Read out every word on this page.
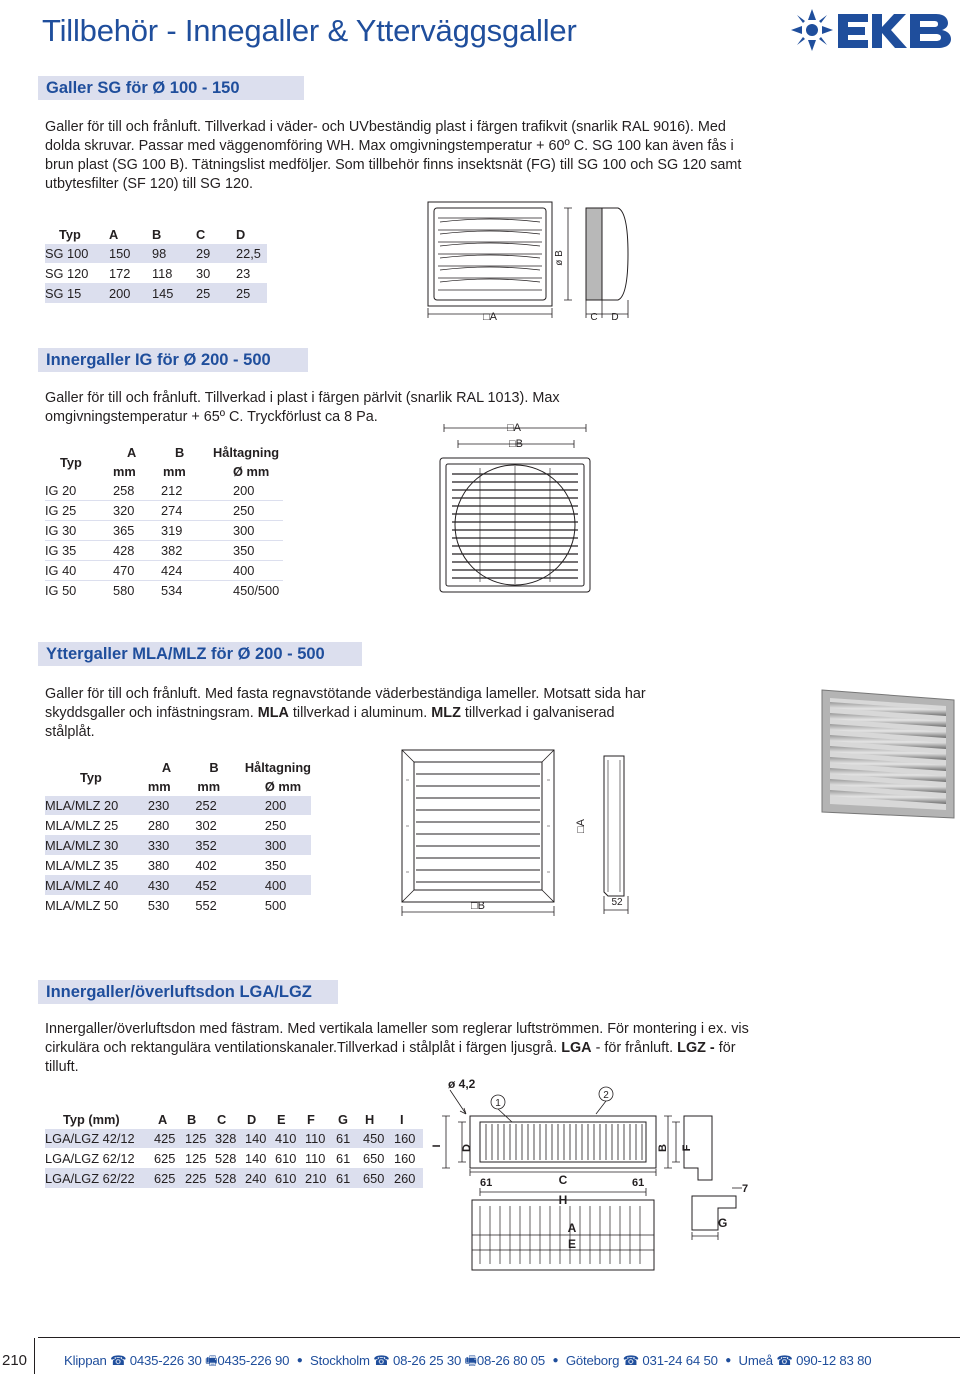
Tillbehör - Innegaller & Ytterväggsgaller
Galler SG för Ø 100 - 150
Galler för till och frånluft. Tillverkad i väder- och UVbeständig plast i färgen trafikvit (snarlik RAL 9016). Med dolda skruvar. Passar med väggenomföring WH. Max omgivningstemperatur + 60º C. SG 100 kan även fås i brun plast (SG 100 B). Tätningslist medföljer. Som tillbehör finns insektsnät (FG) till SG 100 och SG 120 samt utbytesfilter (SF 120) till SG 120.
Typ	A	B	C	D
SG 100	150	98	29	22,5
SG 120	172	118	30	23
SG 15	200	145	25	25
□A
ø B
C D
Innergaller IG för Ø 200 - 500
Galler för till och frånluft. Tillverkad i plast i färgen pärlvit (snarlik RAL 1013). Max omgivningstemperatur + 65º C. Tryckförlust ca 8 Pa.
Typ	A	B	Håltagning
	mm	mm	Ø mm
IG 20	258	212	200
IG 25	320	274	250
IG 30	365	319	300
IG 35	428	382	350
IG 40	470	424	400
IG 50	580	534	450/500
□A
□B
Yttergaller MLA/MLZ för Ø 200 - 500
Galler för till och frånluft. Med fasta regnavstötande väderbeständiga lameller. Motsatt sida har skyddsgaller och infästningsram. MLA tillverkad i aluminum. MLZ tillverkad i galvaniserad stålplåt.
Typ	A	B	Håltagning
	mm	mm	Ø mm
MLA/MLZ 20	230	252	200
MLA/MLZ 25	280	302	250
MLA/MLZ 30	330	352	300
MLA/MLZ 35	380	402	350
MLA/MLZ 40	430	452	400
MLA/MLZ 50	530	552	500	□B
□A
52
Innergaller/överluftsdon LGA/LGZ
Innergaller/överluftsdon med fästram. Med vertikala lameller som reglerar luftströmmen. För montering i ex. vis cirkulära och rektangulära ventilationskanaler.Tillverkad i stålplåt i färgen ljusgrå. LGA - för frånluft. LGZ - för tilluft.
Typ (mm)	A	B	C	D	E	F	G	H	I
LGA/LGZ 42/12	425	125	328	140	410	110	61	450	160
LGA/LGZ 62/12	625	125	528	140	610	110	61	650	160
LGA/LGZ 62/22	625	225	528	240	610	210	61	650	260
ø 4,2
1
2
I D	B F
61	61
C
H
A
E
G
7
210	Klippan ☎ 0435-226 30 🖷0435-226 90 ● Stockholm ☎ 08-26 25 30 🖷08-26 80 05 ● Göteborg ☎ 031-24 64 50 ● Umeå ☎ 090-12 83 80
